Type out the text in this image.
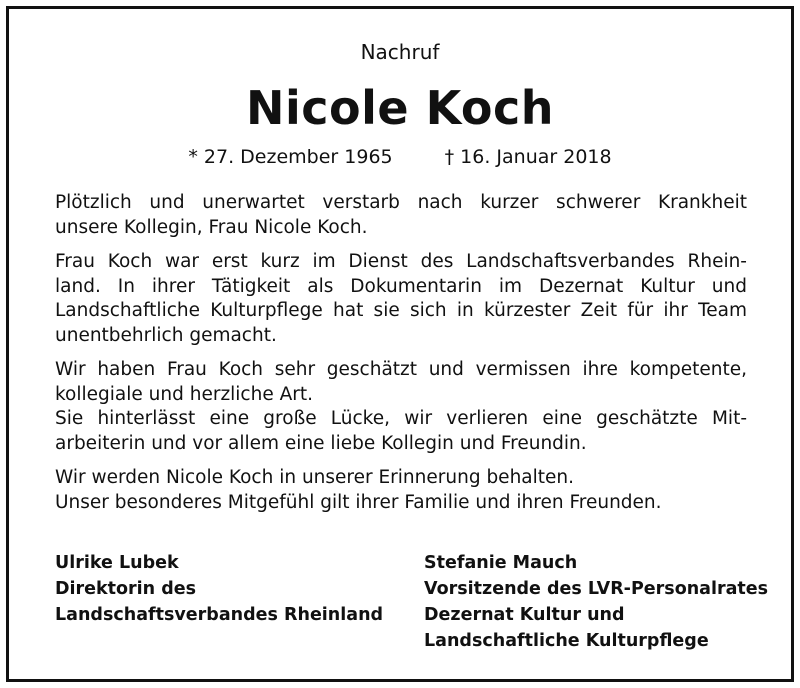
Nachruf
Nicole Koch
* 27. Dezember 1965	† 16. Januar 2018
Plötzlich und unerwartet verstarb nach kurzer schwerer Krankheit
unsere Kollegin, Frau Nicole Koch.
Frau Koch war erst kurz im Dienst des Landschaftsverbandes Rhein-
land. In ihrer Tätigkeit als Dokumentarin im Dezernat Kultur und
Landschaftliche Kulturpflege hat sie sich in kürzester Zeit für ihr Team
unentbehrlich gemacht.
Wir haben Frau Koch sehr geschätzt und vermissen ihre kompetente,
kollegiale und herzliche Art.
Sie hinterlässt eine große Lücke, wir verlieren eine geschätzte Mit-
arbeiterin und vor allem eine liebe Kollegin und Freundin.
Wir werden Nicole Koch in unserer Erinnerung behalten.
Unser besonderes Mitgefühl gilt ihrer Familie und ihren Freunden.
Ulrike Lubek
Direktorin des
Landschaftsverbandes Rheinland
Stefanie Mauch
Vorsitzende des LVR-Personalrates
Dezernat Kultur und
Landschaftliche Kulturpflege
